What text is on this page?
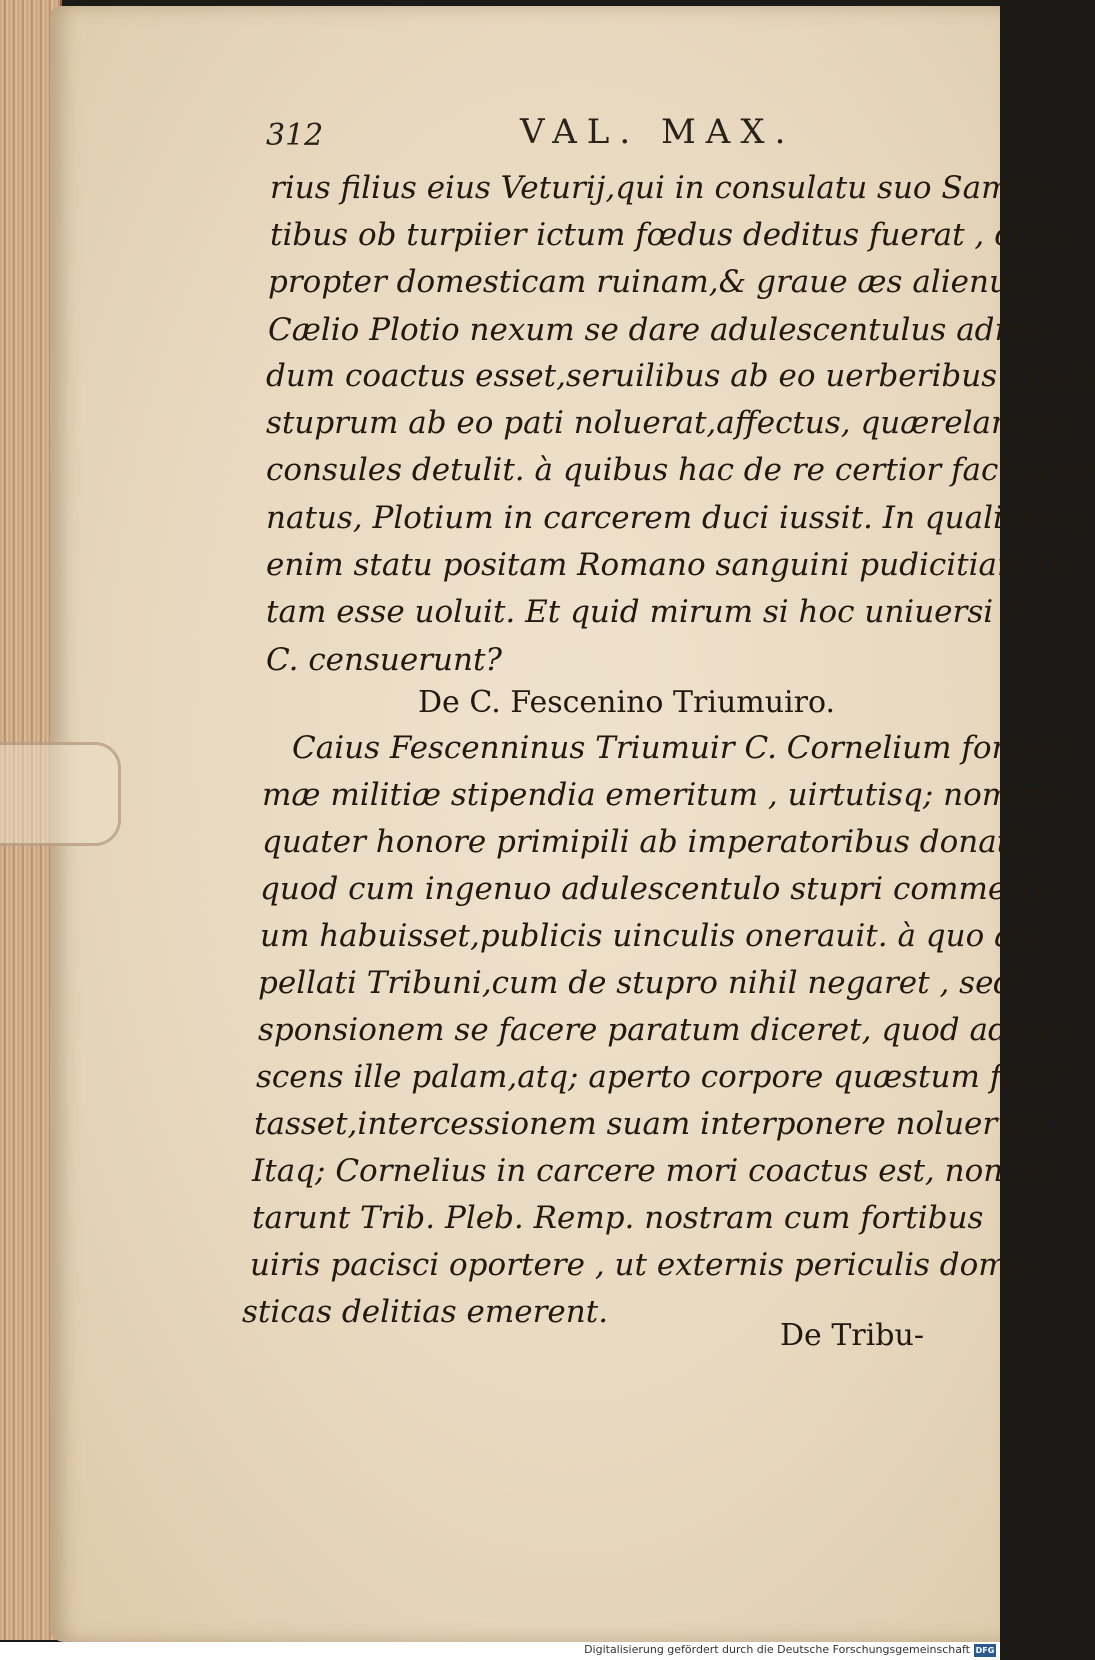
312	VAL. MAX.
rius filius eius Veturij,qui in consulatu suo Samni-
tibus ob turpiier ictum fœdus deditus fuerat , cum
propter domesticam ruinam,& graue æs alienum
Cælio Plotio nexum se dare adulescentulus admo-
dum coactus esset,seruilibus ab eo uerberibus , quia
stuprum ab eo pati noluerat,affectus, quærelam ad
consules detulit. à quibus hac de re certior factus se
natus, Plotium in carcerem duci iussit. In qualicunq;
enim statu positam Romano sanguini pudicitiam tu
tam esse uoluit. Et quid mirum si hoc uniuersi P.
C. censuerunt?
De C. Fescenino Triumuiro.
Caius Fescenninus Triumuir C. Cornelium fortissi
mæ militiæ stipendia emeritum , uirtutisq; nomine
quater honore primipili ab imperatoribus donatũ,
quod cum ingenuo adulescentulo stupri commerti-
um habuisset,publicis uinculis onerauit. à quo ap-
pellati Tribuni,cum de stupro nihil negaret , sed
sponsionem se facere paratum diceret, quod adule-
scens ille palam,atq; aperto corpore quæstum facti
tasset,intercessionem suam interponere noluerunt.
Itaq; Cornelius in carcere mori coactus est, non pu
tarunt Trib. Pleb. Remp. nostram cum fortibus
uiris pacisci oportere , ut externis periculis dome-
sticas delitias emerent.
De Tribu-
Digitalisierung gefördert durch die Deutsche Forschungsgemeinschaft DFG
